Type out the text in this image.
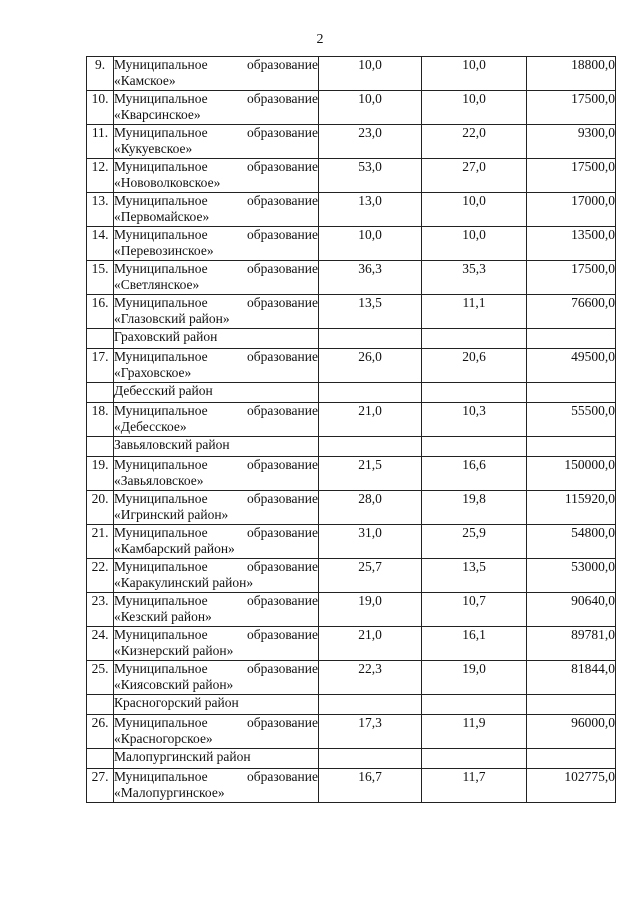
2
9.	Муниципальное образование
«Камское»	10,0	10,0	18800,0
10.	Муниципальное образование
«Кварсинское»	10,0	10,0	17500,0
11.	Муниципальное образование
«Кукуевское»	23,0	22,0	9300,0
12.	Муниципальное образование
«Нововолковское»	53,0	27,0	17500,0
13.	Муниципальное образование
«Первомайское»	13,0	10,0	17000,0
14.	Муниципальное образование
«Перевозинское»	10,0	10,0	13500,0
15.	Муниципальное образование
«Светлянское»	36,3	35,3	17500,0
16.	Муниципальное образование
«Глазовский район»	13,5	11,1	76600,0
	Граховский район			
17.	Муниципальное образование
«Граховское»	26,0	20,6	49500,0
	Дебесский район			
18.	Муниципальное образование
«Дебесское»	21,0	10,3	55500,0
	Завьяловский район			
19.	Муниципальное образование
«Завьяловское»	21,5	16,6	150000,0
20.	Муниципальное образование
«Игринский район»	28,0	19,8	115920,0
21.	Муниципальное образование
«Камбарский район»	31,0	25,9	54800,0
22.	Муниципальное образование
«Каракулинский район»	25,7	13,5	53000,0
23.	Муниципальное образование
«Кезский район»	19,0	10,7	90640,0
24.	Муниципальное образование
«Кизнерский район»	21,0	16,1	89781,0
25.	Муниципальное образование
«Киясовский район»	22,3	19,0	81844,0
	Красногорский район			
26.	Муниципальное образование
«Красногорское»	17,3	11,9	96000,0
	Малопургинский район			
27.	Муниципальное образование
«Малопургинское»	16,7	11,7	102775,0
